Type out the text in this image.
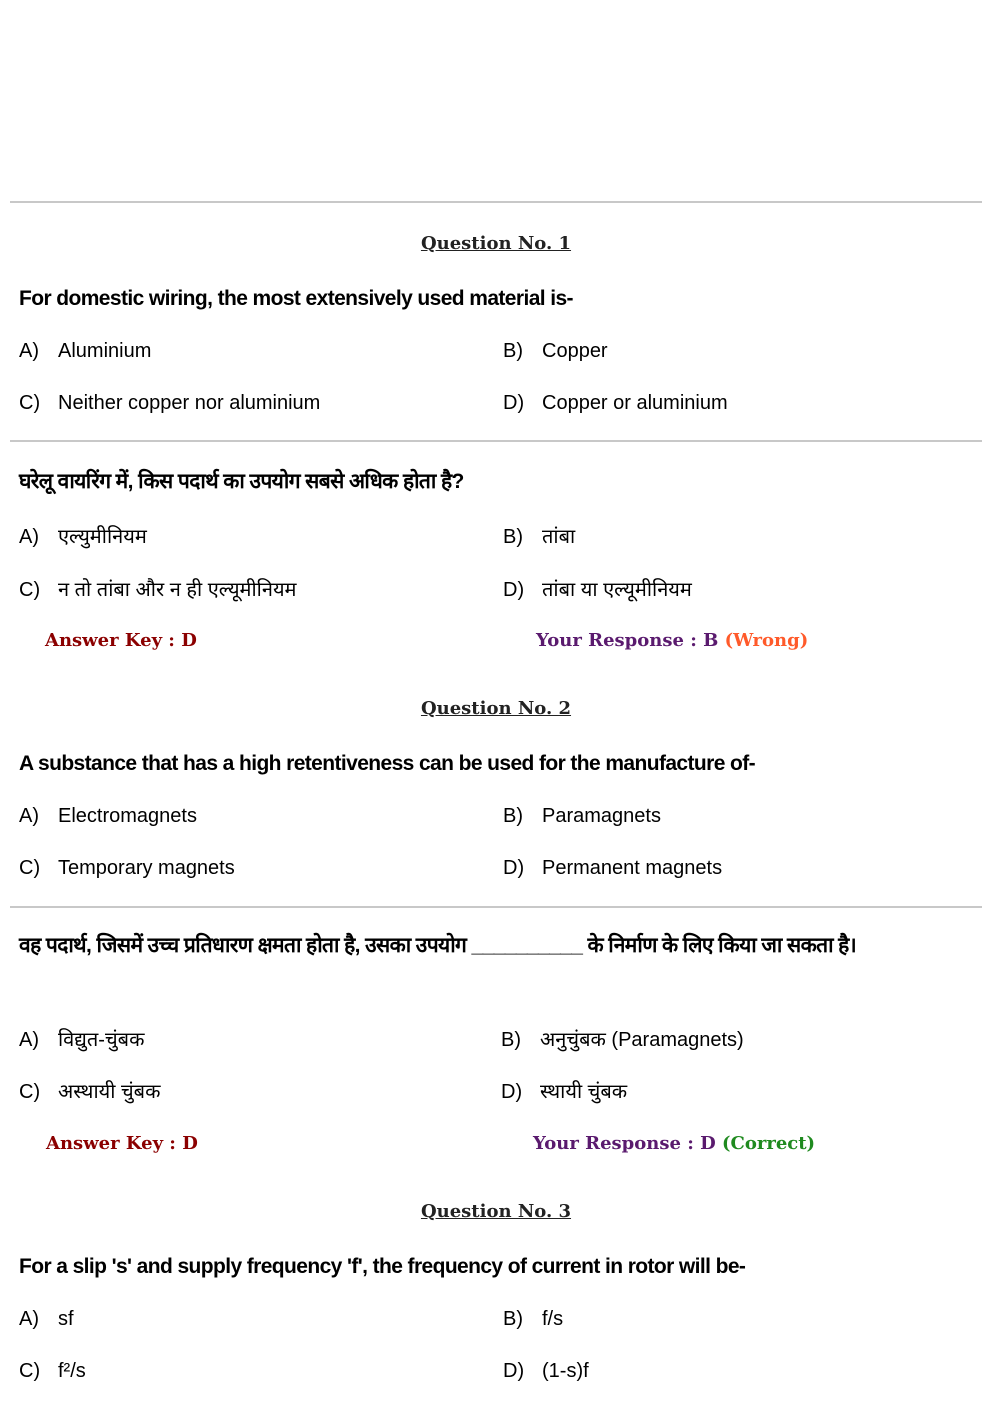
Question No. 1
For domestic wiring, the most extensively used material is-
A) Aluminium	B) Copper
C) Neither copper nor aluminium	D) Copper or aluminium
घरेलू वायरिंग में, किस पदार्थ का उपयोग सबसे अधिक होता है?
A) एल्युमीनियम	B) तांबा
C) न तो तांबा और न ही एल्यूमीनियम	D) तांबा या एल्यूमीनियम
Answer Key : D	Your Response : B (Wrong)
Question No. 2
A substance that has a high retentiveness can be used for the manufacture of-
A) Electromagnets	B) Paramagnets
C) Temporary magnets	D) Permanent magnets
वह पदार्थ, जिसमें उच्च प्रतिधारण क्षमता होता है, उसका उपयोग __________ के निर्माण के लिए किया जा सकता है।
A) विद्युत-चुंबक	B) अनुचुंबक (Paramagnets)
C) अस्थायी चुंबक	D) स्थायी चुंबक
Answer Key : D	Your Response : D (Correct)
Question No. 3
For a slip 's' and supply frequency 'f', the frequency of current in rotor will be-
A) sf	B) f/s
C) f²/s	D) (1-s)f
